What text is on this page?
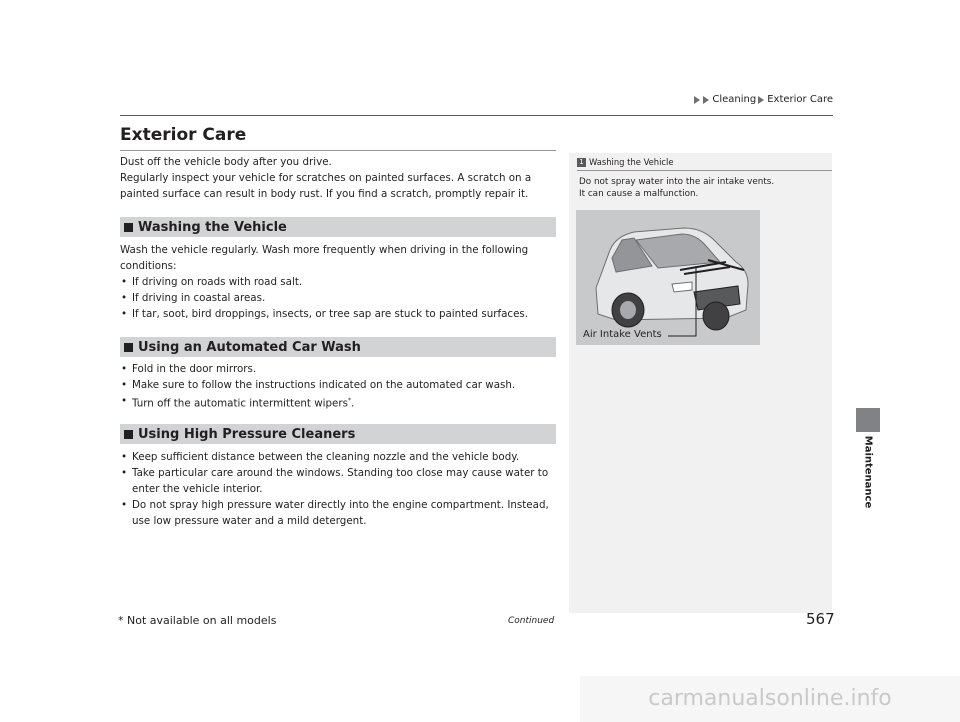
Cleaning Exterior Care
Exterior Care
Dust off the vehicle body after you drive.
Regularly inspect your vehicle for scratches on painted surfaces. A scratch on a
painted surface can result in body rust. If you find a scratch, promptly repair it.
Washing the Vehicle
Wash the vehicle regularly. Wash more frequently when driving in the following
conditions:
• If driving on roads with road salt.
• If driving in coastal areas.
• If tar, soot, bird droppings, insects, or tree sap are stuck to painted surfaces.
Using an Automated Car Wash
• Fold in the door mirrors.
• Make sure to follow the instructions indicated on the automated car wash.
• Turn off the automatic intermittent wipers*.
Using High Pressure Cleaners
• Keep sufficient distance between the cleaning nozzle and the vehicle body.
• Take particular care around the windows. Standing too close may cause water to
enter the vehicle interior.
• Do not spray high pressure water directly into the engine compartment. Instead,
use low pressure water and a mild detergent.
1 Washing the Vehicle
Do not spray water into the air intake vents.
It can cause a malfunction.
Air Intake Vents
Maintenance
* Not available on all models	Continued	567
carmanualsonline.info
